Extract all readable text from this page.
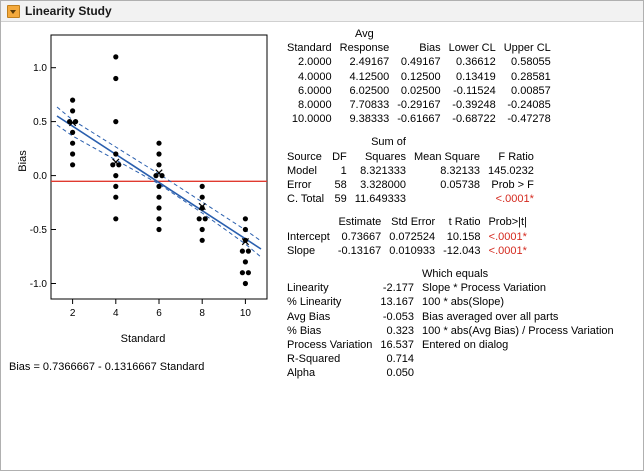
Linearity Study
1.0
0.5
0.0
-0.5
-1.0
2	4	6	8	10
Bias
Standard
Bias = 0.7366667 - 0.1316667 Standard
	Avg			
Standard	Response	Bias	Lower CL	Upper CL
2.0000	2.49167	0.49167	0.36612	0.58055
4.0000	4.12500	0.12500	0.13419	0.28581
6.0000	6.02500	0.02500	-0.11524	0.00857
8.0000	7.70833	-0.29167	-0.39248	-0.24085
10.0000	9.38333	-0.61667	-0.68722	-0.47278
		Sum of		
Source	DF	Squares	Mean Square	F Ratio
Model	1	8.321333	8.32133	145.0232
Error	58	3.328000	0.05738	Prob > F
C. Total	59	11.649333		<.0001*
	Estimate	Std Error	t Ratio	Prob>|t|
Intercept	0.73667	0.072524	10.158	<.0001*
Slope	-0.13167	0.010933	-12.043	<.0001*
		Which equals
Linearity	-2.177	Slope * Process Variation
% Linearity	13.167	100 * abs(Slope)
Avg Bias	-0.053	Bias averaged over all parts
% Bias	0.323	100 * abs(Avg Bias) / Process Variation
Process Variation	16.537	Entered on dialog
R-Squared	0.714	
Alpha	0.050	
